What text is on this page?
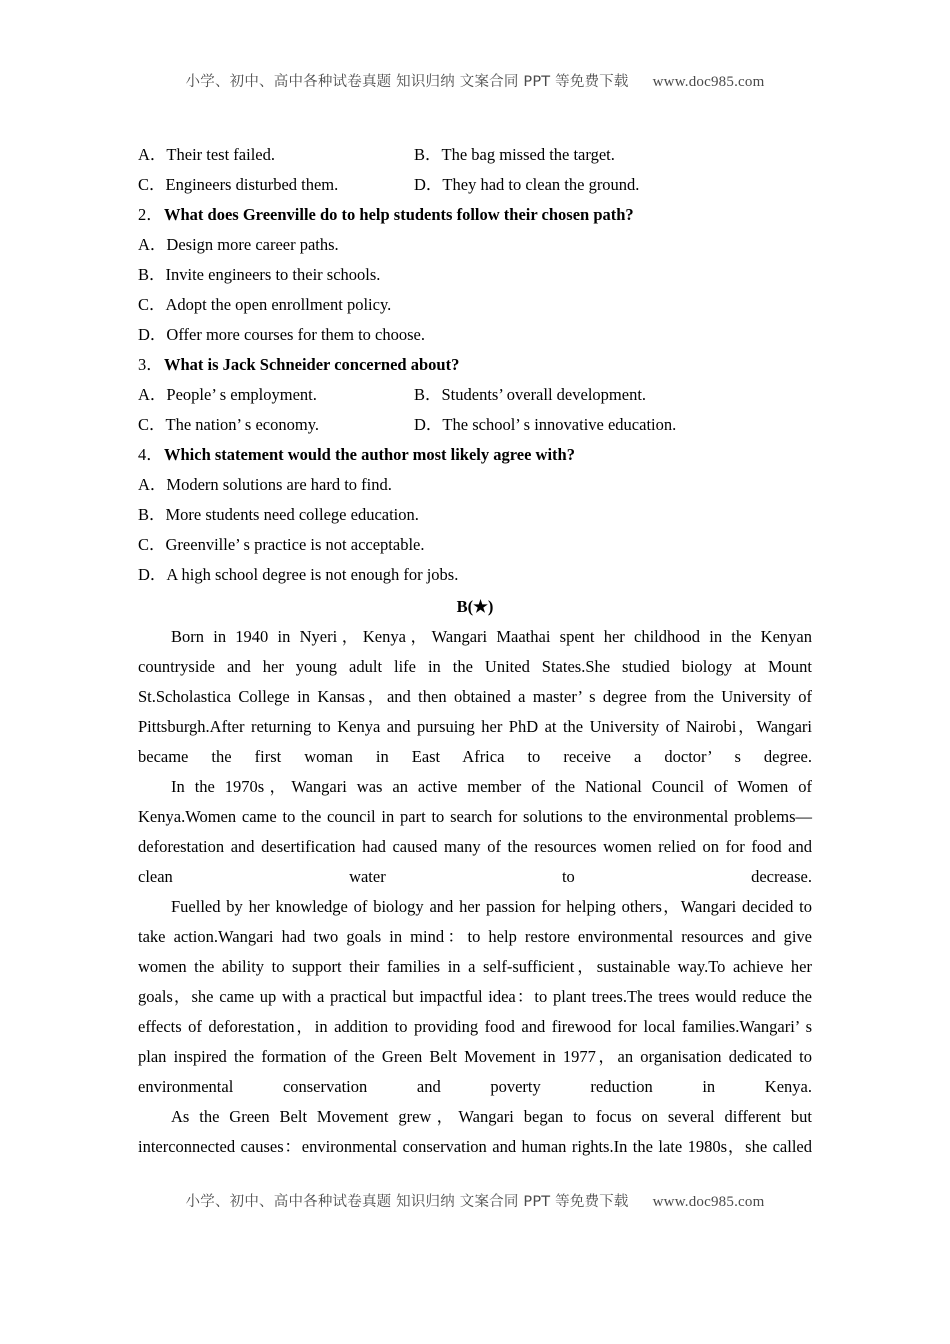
小学、初中、高中各种试卷真题 知识归纳 文案合同 PPT 等免费下载 www.doc985.com
A．Their test failed.	B．The bag missed the target.
C．Engineers disturbed them.	D．They had to clean the ground.
2．What does Greenville do to help students follow their chosen path?
A．Design more career paths.
B．Invite engineers to their schools.
C．Adopt the open enrollment policy.
D．Offer more courses for them to choose.
3．What is Jack Schneider concerned about?
A．People’ s employment.	B．Students’ overall development.
C．The nation’ s economy.	D．The school’ s innovative education.
4．Which statement would the author most likely agree with?
A．Modern solutions are hard to find.
B．More students need college education.
C．Greenville’ s practice is not acceptable.
D．A high school degree is not enough for jobs.
B(★)

Born in 1940 in Nyeri，Kenya，Wangari Maathai spent her childhood in the Kenyan countryside and her young adult life in the United States.She studied biology at Mount St.Scholastica College in Kansas，and then obtained a master’ s degree from the University of Pittsburgh.After returning to Kenya and pursuing her PhD at the University of Nairobi，Wangari became the first woman in East Africa to receive a doctor’ s degree.

In the 1970s，Wangari was an active member of the National Council of Women of Kenya.Women came to the council in part to search for solutions to the environmental problems—deforestation and desertification had caused many of the resources women relied on for food and clean water to decrease.

Fuelled by her knowledge of biology and her passion for helping others，Wangari decided to take action.Wangari had two goals in mind：to help restore environmental resources and give women the ability to support their families in a self-sufficient，sustainable way.To achieve her goals，she came up with a practical but impactful idea：to plant trees.The trees would reduce the effects of deforestation，in addition to providing food and firewood for local families.Wangari’ s plan inspired the formation of the Green Belt Movement in 1977，an organisation dedicated to environmental conservation and poverty reduction in Kenya.

As the Green Belt Movement grew，Wangari began to focus on several different but interconnected causes：environmental conservation and human rights.In the late 1980s，she called

小学、初中、高中各种试卷真题 知识归纳 文案合同 PPT 等免费下载 www.doc985.com
